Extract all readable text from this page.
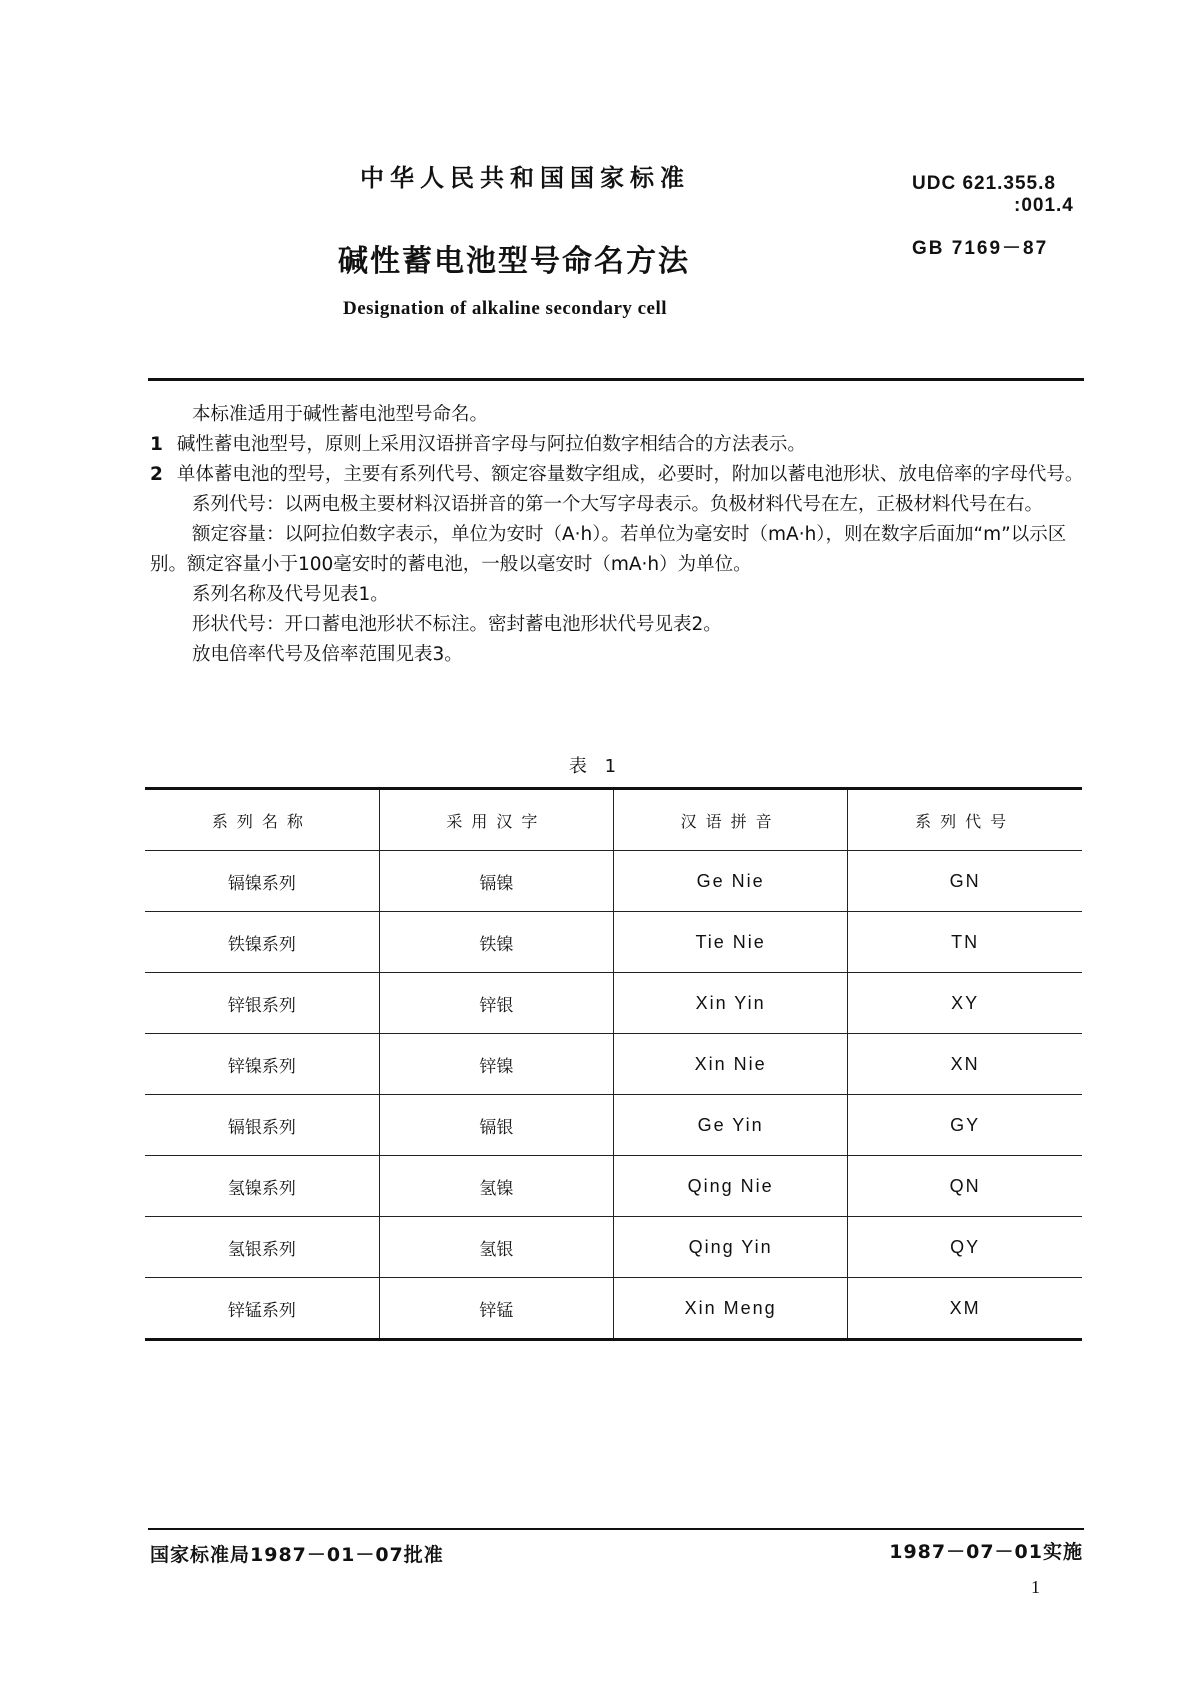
中华人民共和国国家标准	UDC 621.355.8
:001.4
GB 7169－87
碱性蓄电池型号命名方法
Designation of alkaline secondary cell

本标准适用于碱性蓄电池型号命名。

1 碱性蓄电池型号，原则上采用汉语拼音字母与阿拉伯数字相结合的方法表示。

2 单体蓄电池的型号，主要有系列代号、额定容量数字组成，必要时，附加以蓄电池形状、放电倍率的字母代号。

系列代号：以两电极主要材料汉语拼音的第一个大写字母表示。负极材料代号在左，正极材料代号在右。

额定容量：以阿拉伯数字表示，单位为安时（A·h）。若单位为毫安时（mA·h），则在数字后面加“m”以示区别。额定容量小于100毫安时的蓄电池，一般以毫安时（mA·h）为单位。

系列名称及代号见表1。

形状代号：开口蓄电池形状不标注。密封蓄电池形状代号见表2。

放电倍率代号及倍率范围见表3。

表 1
系列名称	采用汉字	汉语拼音	系列代号
镉镍系列	镉镍	Ge Nie	GN
铁镍系列	铁镍	Tie Nie	TN
锌银系列	锌银	Xin Yin	XY
锌镍系列	锌镍	Xin Nie	XN
镉银系列	镉银	Ge Yin	GY
氢镍系列	氢镍	Qing Nie	QN
氢银系列	氢银	Qing Yin	QY
锌锰系列	锌锰	Xin Meng	XM
国家标准局1987－01－07批准	1987－07－01实施
1
